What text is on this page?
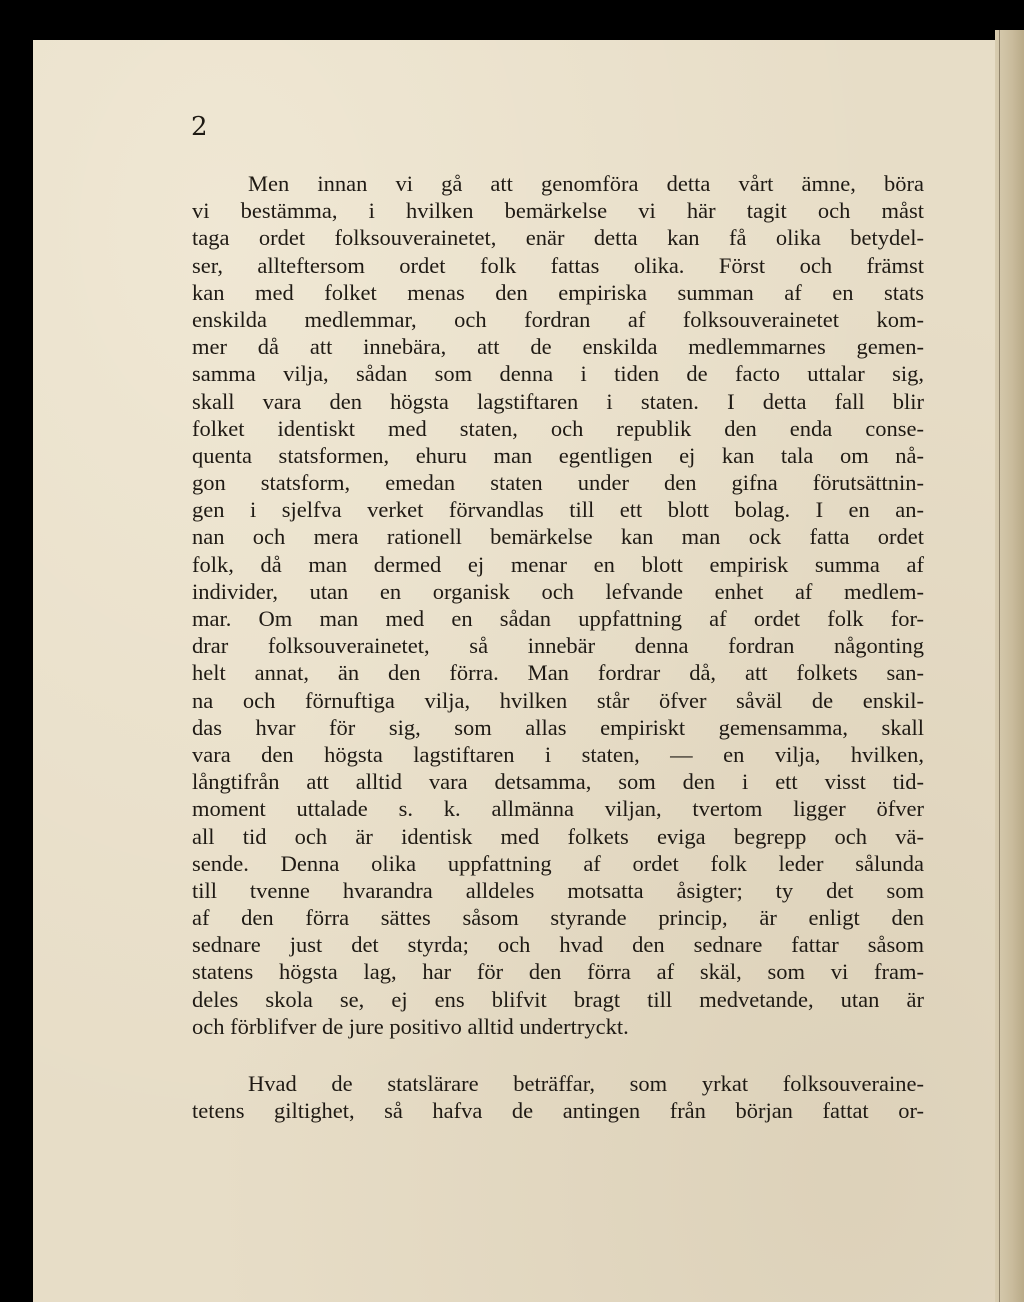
2
Men innan vi gå att genomföra detta vårt ämne, böra
vi bestämma, i hvilken bemärkelse vi här tagit och måst
taga ordet folksouverainetet, enär detta kan få olika betydel-
ser, allteftersom ordet folk fattas olika. Först och främst
kan med folket menas den empiriska summan af en stats
enskilda medlemmar, och fordran af folksouverainetet kom-
mer då att innebära, att de enskilda medlemmarnes gemen-
samma vilja, sådan som denna i tiden de facto uttalar sig,
skall vara den högsta lagstiftaren i staten. I detta fall blir
folket identiskt med staten, och republik den enda conse-
quenta statsformen, ehuru man egentligen ej kan tala om nå-
gon statsform, emedan staten under den gifna förutsättnin-
gen i sjelfva verket förvandlas till ett blott bolag. I en an-
nan och mera rationell bemärkelse kan man ock fatta ordet
folk, då man dermed ej menar en blott empirisk summa af
individer, utan en organisk och lefvande enhet af medlem-
mar. Om man med en sådan uppfattning af ordet folk for-
drar folksouverainetet, så innebär denna fordran någonting
helt annat, än den förra. Man fordrar då, att folkets san-
na och förnuftiga vilja, hvilken står öfver såväl de enskil-
das hvar för sig, som allas empiriskt gemensamma, skall
vara den högsta lagstiftaren i staten, — en vilja, hvilken,
långtifrån att alltid vara detsamma, som den i ett visst tid-
moment uttalade s. k. allmänna viljan, tvertom ligger öfver
all tid och är identisk med folkets eviga begrepp och vä-
sende. Denna olika uppfattning af ordet folk leder sålunda
till tvenne hvarandra alldeles motsatta åsigter; ty det som
af den förra sättes såsom styrande princip, är enligt den
sednare just det styrda; och hvad den sednare fattar såsom
statens högsta lag, har för den förra af skäl, som vi fram-
deles skola se, ej ens blifvit bragt till medvetande, utan är
och förblifver de jure positivo alltid undertryckt.
Hvad de statslärare beträffar, som yrkat folksouveraine-
tetens giltighet, så hafva de antingen från början fattat or-
